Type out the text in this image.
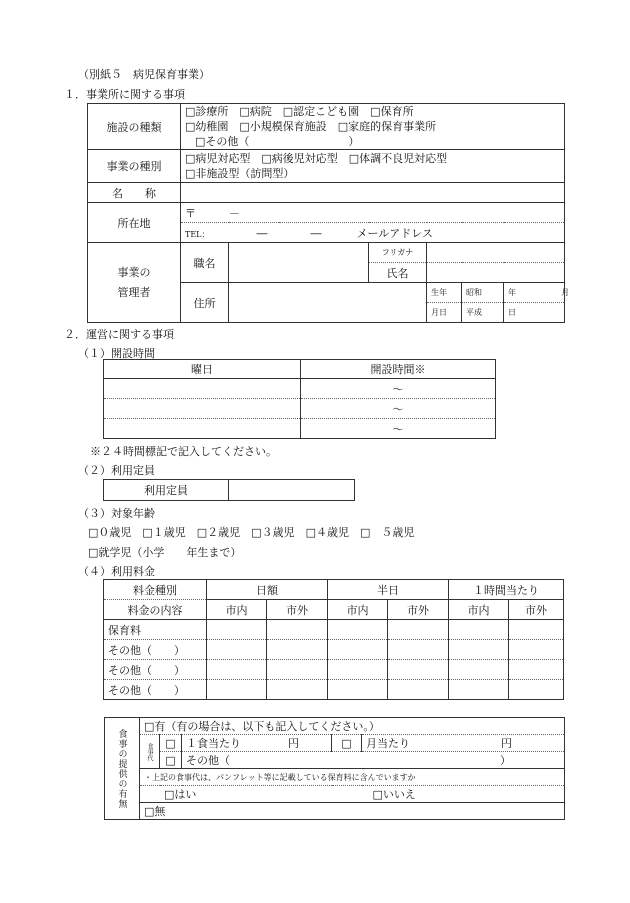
（別紙５　病児保育事業）
１．事業所に関する事項
施設の種類	□診療所　□病院　□認定こども園　□保育所
□幼稚園　□小規模保育施設　□家庭的保育事業所
□その他（　　　　　　　　　）					

事業の種別	□病児対応型　□病後児対応型　□体調不良児対応型
□非施設型（訪問型）					

名　　称						
所在地	〒　　　－					
	TEL： ― ― メールアドレス					

事業の
管理者	職名		フリガナ			
			氏名			
	住所			生年	昭和	年 月
				月日	平成	日
２．運営に関する事項
（１）開設時間
曜日	開設時間※
	～
	～
	～
※２４時間標記で記入してください。
（２）利用定員
利用定員	
（３）対象年齢
□０歳児　□１歳児　□２歳児　□３歳児　□４歳児　□　５歳児
□就学児（小学　　年生まで）
（４）利用料金
料金種別	日額		半日		１時間当たり	
料金の内容	市内	市外	市内	市外	市内	市外
保育料						
その他（　　）						
その他（　　）						
その他（　　）						
食事の提供の有無	□有（有の場合は、以下も記入してください。）				

	食事代	□	１食当たり 円	□	月当たり 円
		□	その他（ ）		
	・上記の食事代は、パンフレット等に記載している保育料に含んでいますか				
	□はい □いいえ				
	□無				
